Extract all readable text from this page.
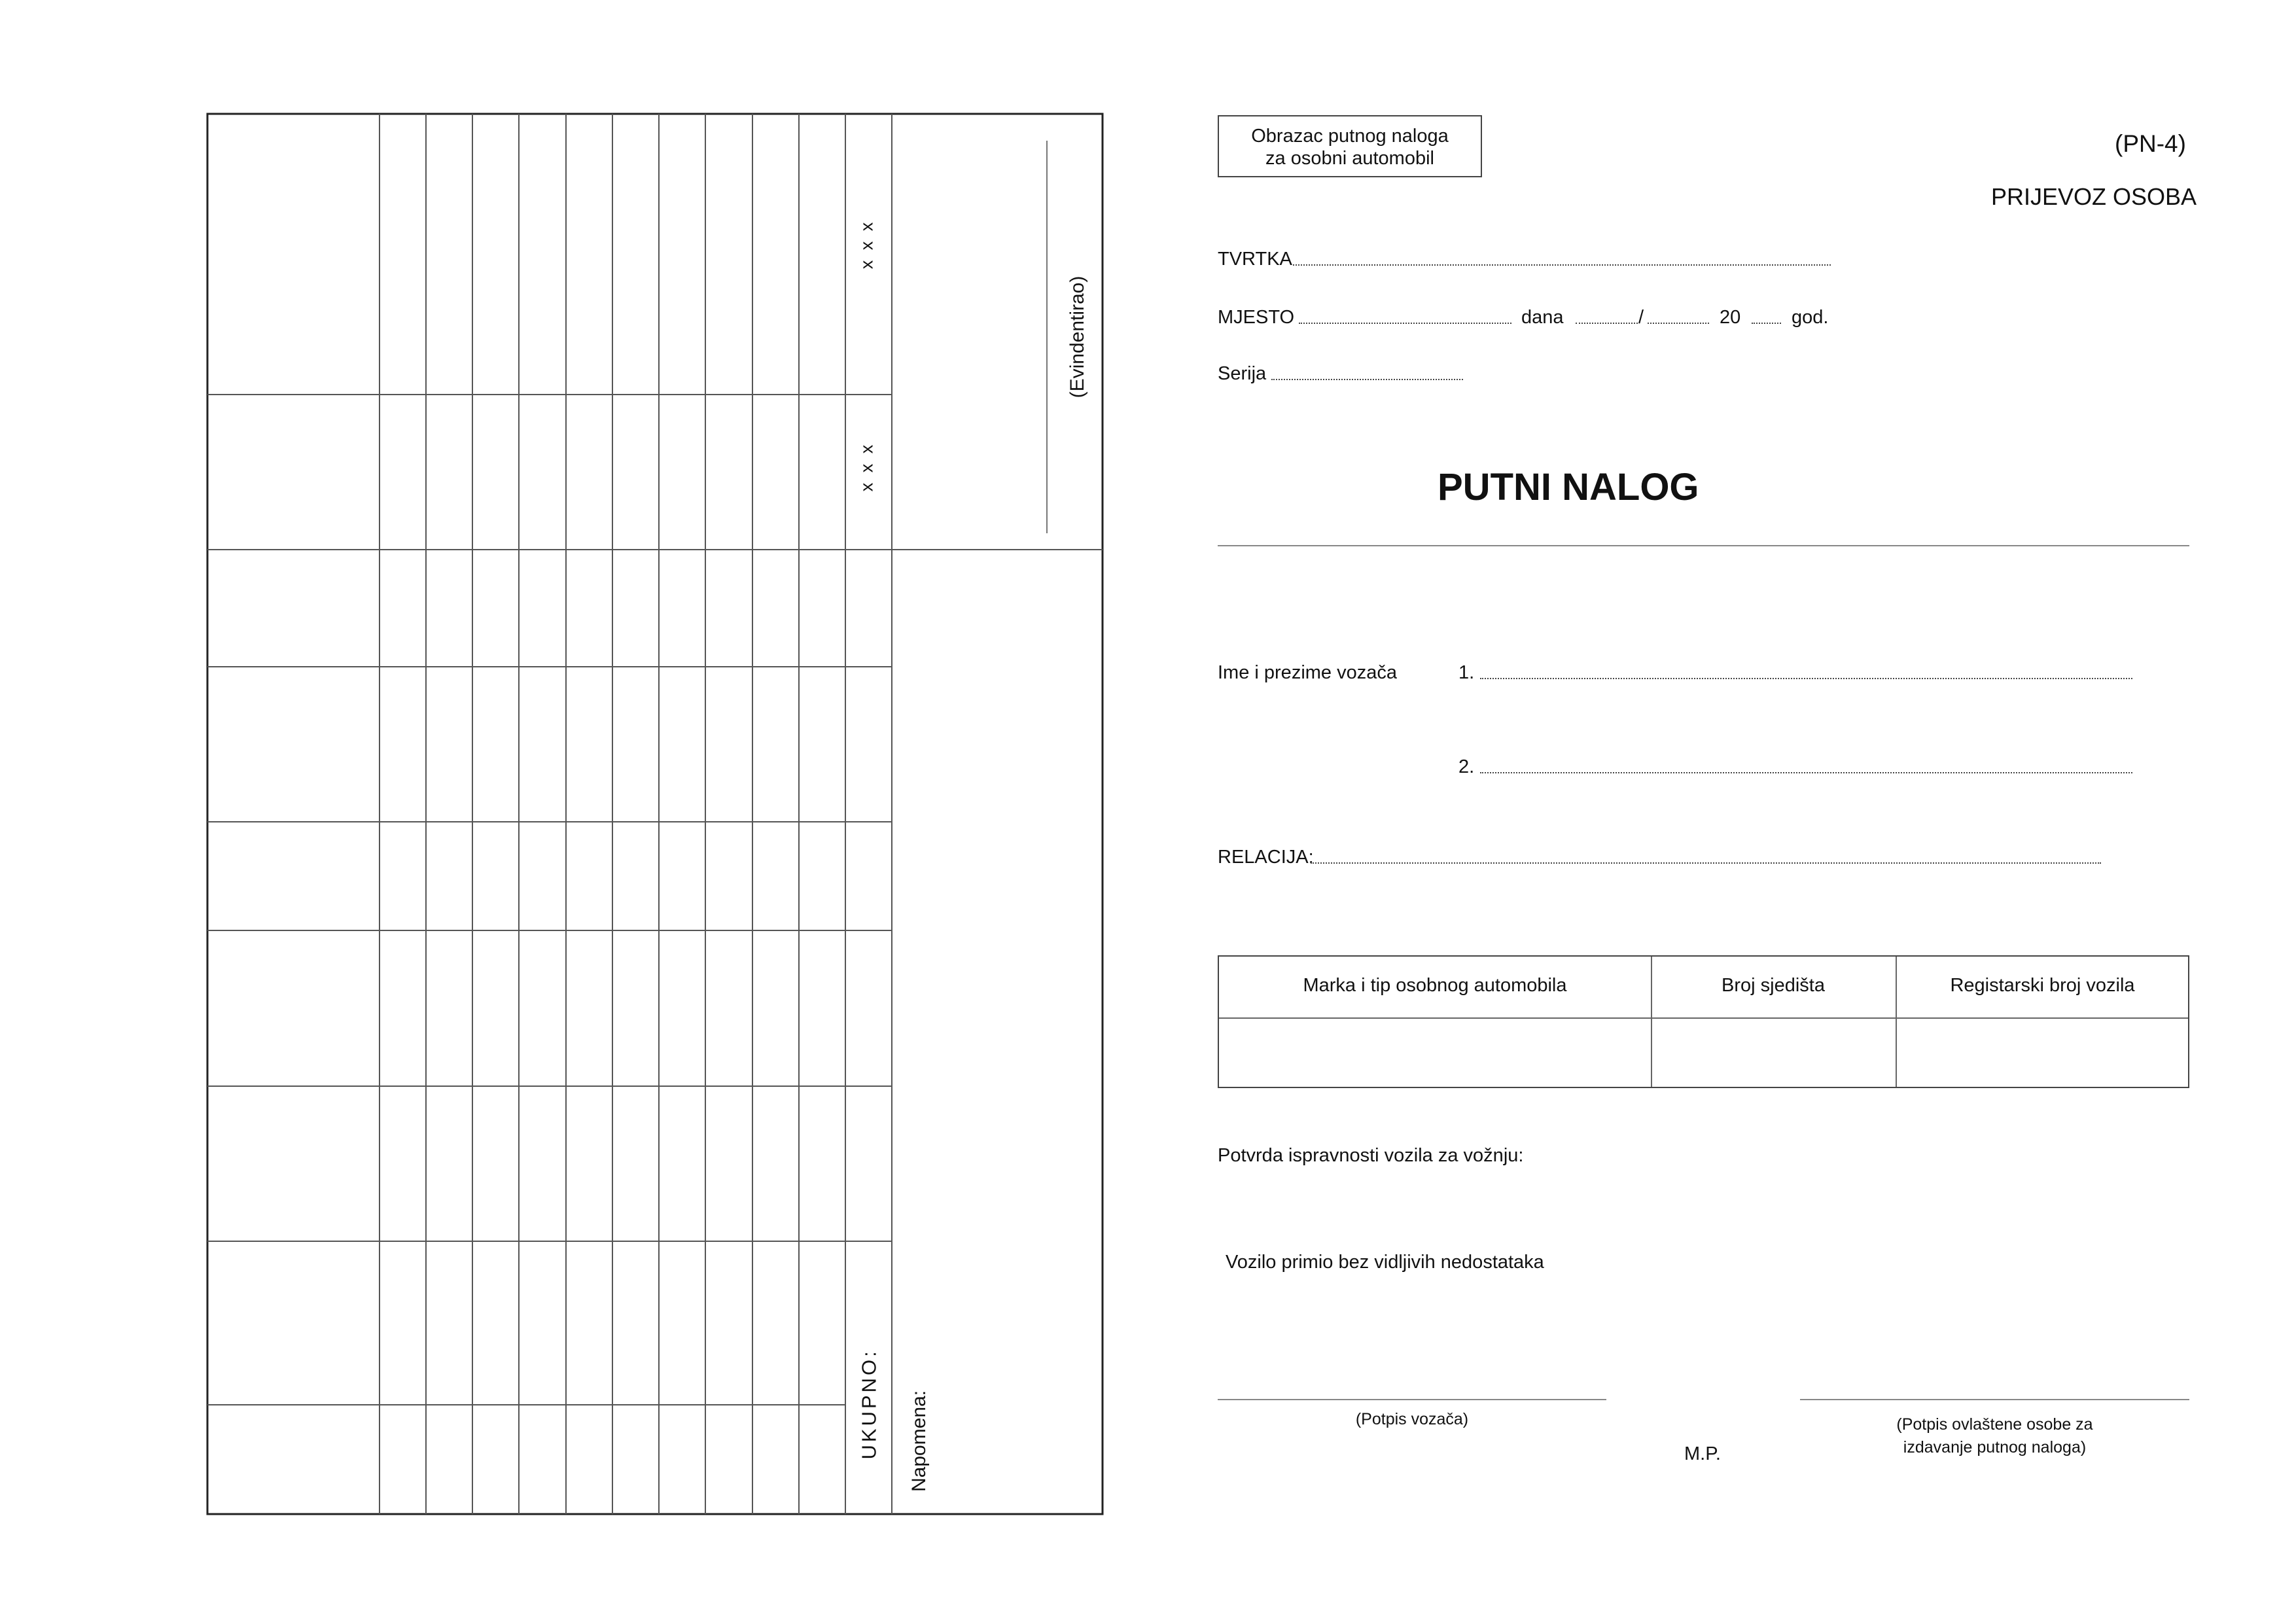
x x x
x x x
(Evindentirao)
UKUPNO: Napomena:
Obrazac putnog naloga
za osobni automobil
(PN-4)
PRIJEVOZ OSOBA
TVRTKA
MJESTO	dana	/	20	god.
Serija
PUTNI NALOG
Ime i prezime vozača	1.
2.
RELACIJA:
Marka i tip osobnog automobila	Broj sjedišta	Registarski broj vozila
Potvrda ispravnosti vozila za vožnju:
Vozilo primio bez vidljivih nedostataka
(Potpis vozača)
M.P.
(Potpis ovlaštene osobe za
izdavanje putnog naloga)
